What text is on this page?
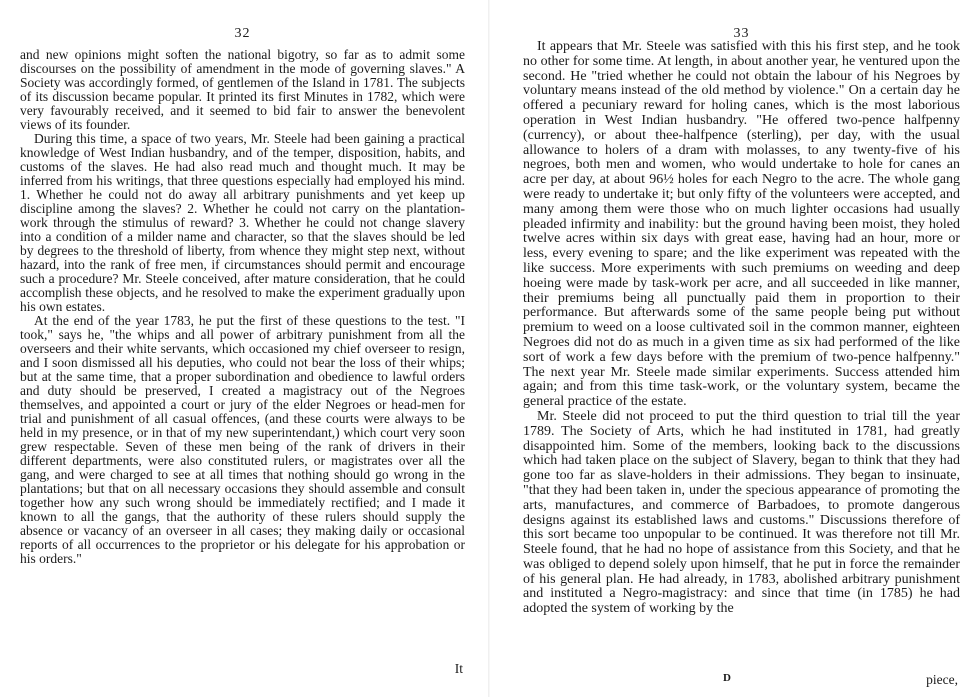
32

and new opinions might soften the national bigotry, so far as to admit some discourses on the possibility of amendment in the mode of governing slaves." A Society was accordingly formed, of gentlemen of the Island in 1781. The subjects of its discussion became popular. It printed its first Minutes in 1782, which were very favourably received, and it seemed to bid fair to answer the benevolent views of its founder.

During this time, a space of two years, Mr. Steele had been gaining a practical knowledge of West Indian husbandry, and of the temper, disposition, habits, and customs of the slaves. He had also read much and thought much. It may be inferred from his writings, that three questions especially had employed his mind. 1. Whether he could not do away all arbitrary punishments and yet keep up discipline among the slaves? 2. Whether he could not carry on the plantation-work through the stimulus of reward? 3. Whether he could not change slavery into a condition of a milder name and character, so that the slaves should be led by degrees to the threshold of liberty, from whence they might step next, without hazard, into the rank of free men, if circumstances should permit and encourage such a procedure? Mr. Steele conceived, after mature consideration, that he could accomplish these objects, and he resolved to make the experiment gradually upon his own estates.

At the end of the year 1783, he put the first of these questions to the test. "I took," says he, "the whips and all power of arbitrary punishment from all the overseers and their white servants, which occasioned my chief overseer to resign, and I soon dismissed all his deputies, who could not bear the loss of their whips; but at the same time, that a proper subordination and obedience to lawful orders and duty should be preserved, I created a magistracy out of the Negroes themselves, and appointed a court or jury of the elder Negroes or head-men for trial and punishment of all casual offences, (and these courts were always to be held in my presence, or in that of my new superintendant,) which court very soon grew respectable. Seven of these men being of the rank of drivers in their different departments, were also constituted rulers, or magistrates over all the gang, and were charged to see at all times that nothing should go wrong in the plantations; but that on all necessary occasions they should assemble and consult together how any such wrong should be immediately rectified; and I made it known to all the gangs, that the authority of these rulers should supply the absence or vacancy of an overseer in all cases; they making daily or occasional reports of all occurrences to the proprietor or his delegate for his approbation or his orders."

It
33

It appears that Mr. Steele was satisfied with this his first step, and he took no other for some time. At length, in about another year, he ventured upon the second. He "tried whether he could not obtain the labour of his Negroes by voluntary means instead of the old method by violence." On a certain day he offered a pecuniary reward for holing canes, which is the most laborious operation in West Indian husbandry. "He offered two-pence halfpenny (currency), or about thee-halfpence (sterling), per day, with the usual allowance to holers of a dram with molasses, to any twenty-five of his negroes, both men and women, who would undertake to hole for canes an acre per day, at about 96½ holes for each Negro to the acre. The whole gang were ready to undertake it; but only fifty of the volunteers were accepted, and many among them were those who on much lighter occasions had usually pleaded infirmity and inability: but the ground having been moist, they holed twelve acres within six days with great ease, having had an hour, more or less, every evening to spare; and the like experiment was repeated with the like success. More experiments with such premiums on weeding and deep hoeing were made by task-work per acre, and all succeeded in like manner, their premiums being all punctually paid them in proportion to their performance. But afterwards some of the same people being put without premium to weed on a loose cultivated soil in the common manner, eighteen Negroes did not do as much in a given time as six had performed of the like sort of work a few days before with the premium of two-pence halfpenny." The next year Mr. Steele made similar experiments. Success attended him again; and from this time task-work, or the voluntary system, became the general practice of the estate.

Mr. Steele did not proceed to put the third question to trial till the year 1789. The Society of Arts, which he had instituted in 1781, had greatly disappointed him. Some of the members, looking back to the discussions which had taken place on the subject of Slavery, began to think that they had gone too far as slave-holders in their admissions. They began to insinuate, "that they had been taken in, under the specious appearance of promoting the arts, manufactures, and commerce of Barbadoes, to promote dangerous designs against its established laws and customs." Discussions therefore of this sort became too unpopular to be continued. It was therefore not till Mr. Steele found, that he had no hope of assistance from this Society, and that he was obliged to depend solely upon himself, that he put in force the remainder of his general plan. He had already, in 1783, abolished arbitrary punishment and instituted a Negro-magistracy: and since that time (in 1785) he had adopted the system of working by the

D	piece,
